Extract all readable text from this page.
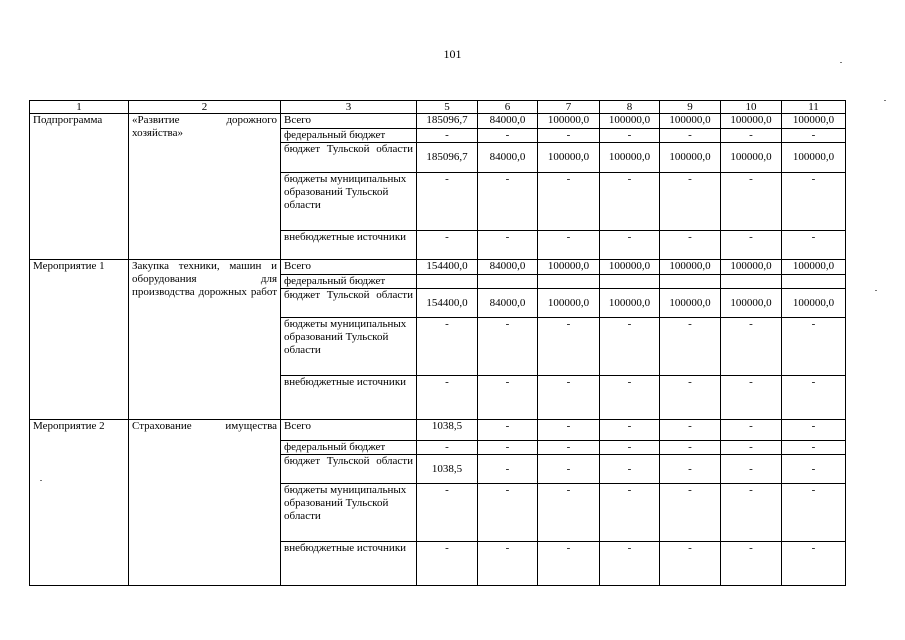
101
1	2	3	5	6	7	8	9	10	11
Подпрограмма	«Развитие дорожного хозяйства»	Всего	185096,7	84000,0	100000,0	100000,0	100000,0	100000,0	100000,0
		федеральный бюджет	-	-	-	-	-	-	-
		бюджет Тульской области	185096,7	84000,0	100000,0	100000,0	100000,0	100000,0	100000,0
		бюджеты муниципальных образований Тульской области	-	-	-	-	-	-	-
		внебюджетные источники	-	-	-	-	-	-	-
Мероприятие 1	Закупка техники, машин и оборудования для производства дорожных работ	Всего	154400,0	84000,0	100000,0	100000,0	100000,0	100000,0	100000,0
		федеральный бюджет							
		бюджет Тульской области	154400,0	84000,0	100000,0	100000,0	100000,0	100000,0	100000,0
		бюджеты муниципальных образований Тульской области	-	-	-	-	-	-	-
		внебюджетные источники	-	-	-	-	-	-	-
Мероприятие 2	Страхование имущества	Всего	1038,5	-	-	-	-	-	-
		федеральный бюджет	-	-	-	-	-	-	-
		бюджет Тульской области	1038,5	-	-	-	-	-	-
		бюджеты муниципальных образований Тульской области	-	-	-	-	-	-	-
		внебюджетные источники	-	-	-	-	-	-	-
